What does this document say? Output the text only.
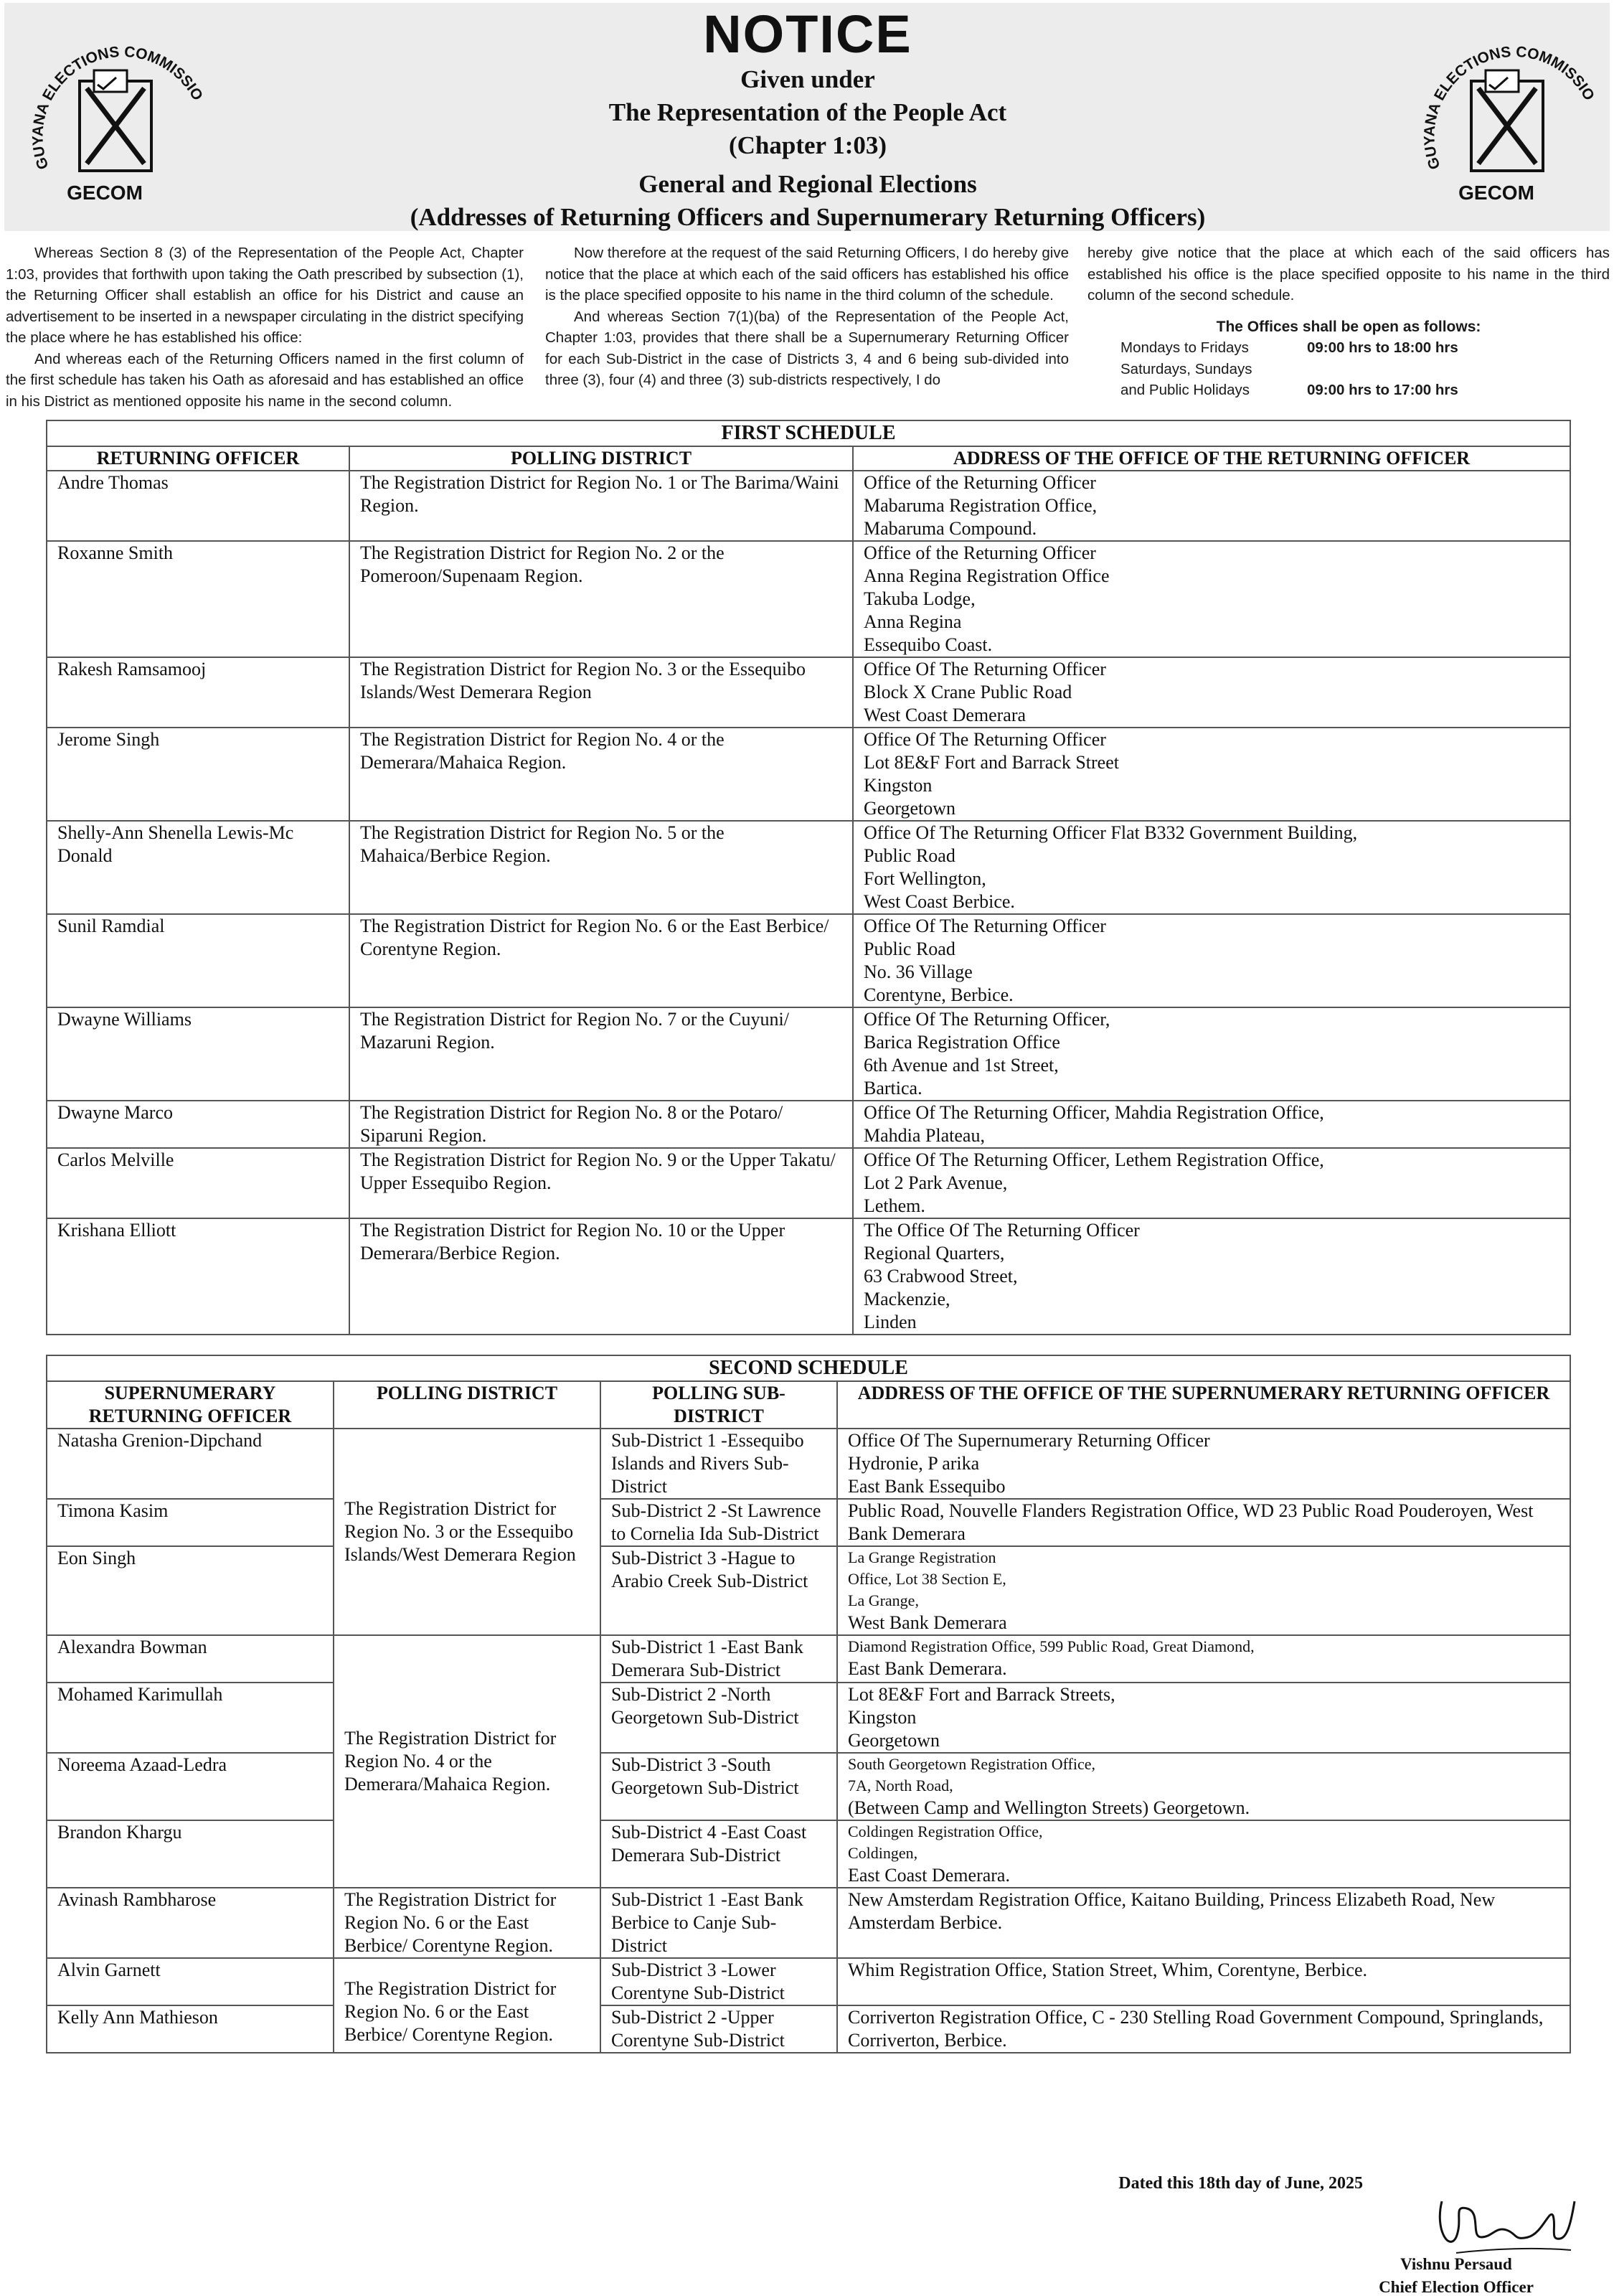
GUYANA ELECTIONS COMMISSIO
GECOM
NOTICE
Given under
The Representation of the People Act
(Chapter 1:03)
General and Regional Elections
(Addresses of Returning Officers and Supernumerary Returning Officers)
GUYANA ELECTIONS COMMISSIO
GECOM

Whereas Section 8 (3) of the Representation of the People Act, Chapter 1:03, provides that forthwith upon taking the Oath prescribed by subsection (1), the Returning Officer shall establish an office for his District and cause an advertisement to be inserted in a newspaper circulating in the district specifying the place where he has established his office:

And whereas each of the Returning Officers named in the first column of the first schedule has taken his Oath as aforesaid and has established an office in his District as mentioned opposite his name in the second column.

Now therefore at the request of the said Returning Officers, I do hereby give notice that the place at which each of the said officers has established his office is the place specified opposite to his name in the third column of the schedule.

And whereas Section 7(1)(ba) of the Representation of the People Act, Chapter 1:03, provides that there shall be a Supernumerary Returning Officer for each Sub-District in the case of Districts 3, 4 and 6 being sub-divided into three (3), four (4) and three (3) sub-districts respectively, I do

hereby give notice that the place at which each of the said officers has established his office is the place specified opposite to his name in the third column of the second schedule.

The Offices shall be open as follows:
Mondays to Fridays	09:00 hrs to 18:00 hrs
Saturdays, Sundays
and Public Holidays	09:00 hrs to 17:00 hrs
FIRST SCHEDULE		
RETURNING OFFICER	POLLING DISTRICT	ADDRESS OF THE OFFICE OF THE RETURNING OFFICER
Andre Thomas	The Registration District for Region No. 1 or The Barima/Waini Region.	Office of the Returning Officer
Mabaruma Registration Office,
Mabaruma Compound.

Roxanne Smith	The Registration District for Region No. 2 or the Pomeroon/Supenaam Region.	Office of the Returning Officer
Anna Regina Registration Office
Takuba Lodge,
Anna Regina
Essequibo Coast.

Rakesh Ramsamooj	The Registration District for Region No. 3 or the Essequibo Islands/West Demerara Region	Office Of The Returning Officer
Block X Crane Public Road
West Coast Demerara

Jerome Singh	The Registration District for Region No. 4 or the Demerara/Mahaica Region.	Office Of The Returning Officer
Lot 8E&F Fort and Barrack Street
Kingston
Georgetown

Shelly-Ann Shenella Lewis-Mc Donald	The Registration District for Region No. 5 or the Mahaica/Berbice Region.	Office Of The Returning Officer Flat B332 Government Building,
Public Road
Fort Wellington,
West Coast Berbice.

Sunil Ramdial	The Registration District for Region No. 6 or the East Berbice/ Corentyne Region.	Office Of The Returning Officer
Public Road
No. 36 Village
Corentyne, Berbice.

Dwayne Williams	The Registration District for Region No. 7 or the Cuyuni/ Mazaruni Region.	Office Of The Returning Officer,
Barica Registration Office
6th Avenue and 1st Street,
Bartica.

Dwayne Marco	The Registration District for Region No. 8 or the Potaro/ Siparuni Region.	Office Of The Returning Officer, Mahdia Registration Office,
Mahdia Plateau,

Carlos Melville	The Registration District for Region No. 9 or the Upper Takatu/ Upper Essequibo Region.	Office Of The Returning Officer, Lethem Registration Office,
Lot 2 Park Avenue,
Lethem.

Krishana Elliott	The Registration District for Region No. 10 or the Upper Demerara/Berbice Region.	The Office Of The Returning Officer
Regional Quarters,
63 Crabwood Street,
Mackenzie,
Linden
SECOND SCHEDULE			
SUPERNUMERARY RETURNING OFFICER	POLLING DISTRICT	POLLING SUB-DISTRICT	ADDRESS OF THE OFFICE OF THE SUPERNUMERARY RETURNING OFFICER
Natasha Grenion-Dipchand	The Registration District for Region No. 3 or the Essequibo Islands/West Demerara Region	Sub-District 1 -Essequibo Islands and Rivers Sub-District	Office Of The Supernumerary Returning Officer
Hydronie, P arika
East Bank Essequibo

Timona Kasim		Sub-District 2 -St Lawrence to Cornelia Ida Sub-District	Public Road, Nouvelle Flanders Registration Office, WD 23 Public Road Pouderoyen, West Bank Demerara

Eon Singh		Sub-District 3 -Hague to Arabio Creek Sub-District	La Grange Registration
Office, Lot 38 Section E,
La Grange,
West Bank Demerara

Alexandra Bowman	The Registration District for Region No. 4 or the Demerara/Mahaica Region.	Sub-District 1 -East Bank Demerara Sub-District	Diamond Registration Office, 599 Public Road, Great Diamond,
East Bank Demerara.

Mohamed Karimullah		Sub-District 2 -North Georgetown Sub-District	Lot 8E&F Fort and Barrack Streets,
Kingston
Georgetown

Noreema Azaad-Ledra		Sub-District 3 -South Georgetown Sub-District	South Georgetown Registration Office,
7A, North Road,
(Between Camp and Wellington Streets) Georgetown.

Brandon Khargu		Sub-District 4 -East Coast Demerara Sub-District	Coldingen Registration Office,
Coldingen,
East Coast Demerara.

Avinash Rambharose	The Registration District for Region No. 6 or the East Berbice/ Corentyne Region.	Sub-District 1 -East Bank Berbice to Canje Sub-District	New Amsterdam Registration Office, Kaitano Building, Princess Elizabeth Road, New Amsterdam Berbice.

Alvin Garnett	The Registration District for Region No. 6 or the East Berbice/ Corentyne Region.	Sub-District 3 -Lower Corentyne Sub-District	Whim Registration Office, Station Street, Whim, Corentyne, Berbice.

Kelly Ann Mathieson		Sub-District 2 -Upper Corentyne Sub-District	Corriverton Registration Office, C - 230 Stelling Road Government Compound, Springlands, Corriverton, Berbice.
Dated this 18th day of June, 2025
Vishnu Persaud
Chief Election Officer
